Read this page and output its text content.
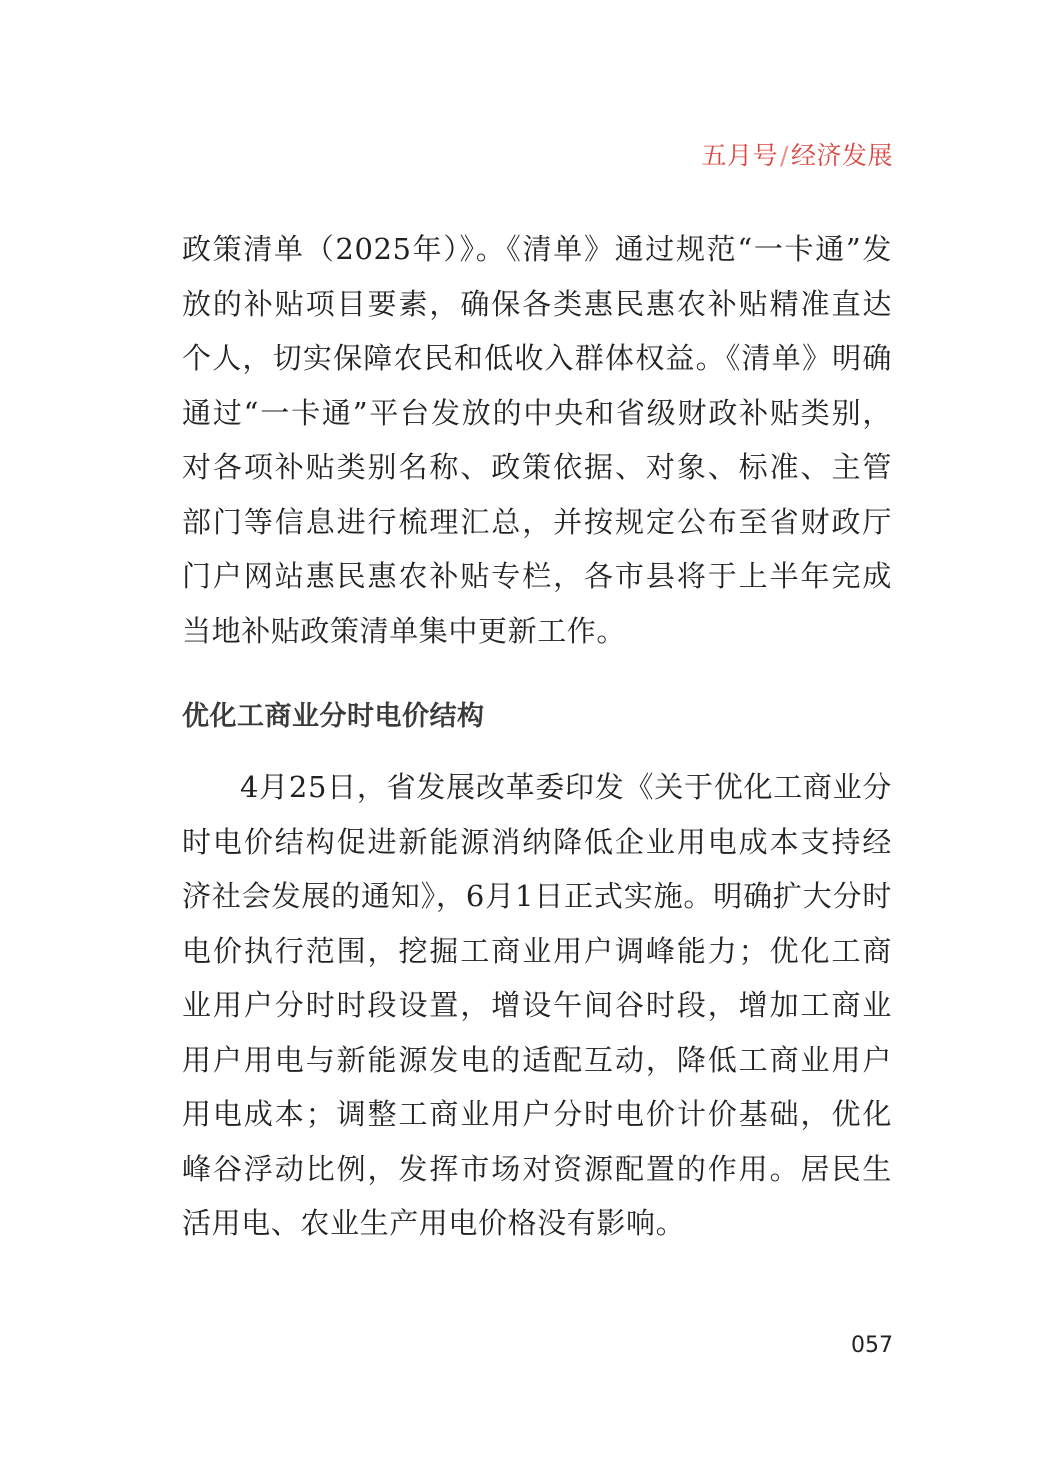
五月号/经济发展

政策清单（2025年）》。《清单》通过规范“一卡通”发放的补贴项目要素，确保各类惠民惠农补贴精准直达个人，切实保障农民和低收入群体权益。《清单》明确通过“一卡通”平台发放的中央和省级财政补贴类别，对各项补贴类别名称、政策依据、对象、标准、主管部门等信息进行梳理汇总，并按规定公布至省财政厅门户网站惠民惠农补贴专栏，各市县将于上半年完成当地补贴政策清单集中更新工作。

优化工商业分时电价结构

4月25日，省发展改革委印发《关于优化工商业分时电价结构促进新能源消纳降低企业用电成本支持经济社会发展的通知》，6月1日正式实施。明确扩大分时电价执行范围，挖掘工商业用户调峰能力；优化工商业用户分时时段设置，增设午间谷时段，增加工商业用户用电与新能源发电的适配互动，降低工商业用户用电成本；调整工商业用户分时电价计价基础，优化峰谷浮动比例，发挥市场对资源配置的作用。居民生活用电、农业生产用电价格没有影响。

057
